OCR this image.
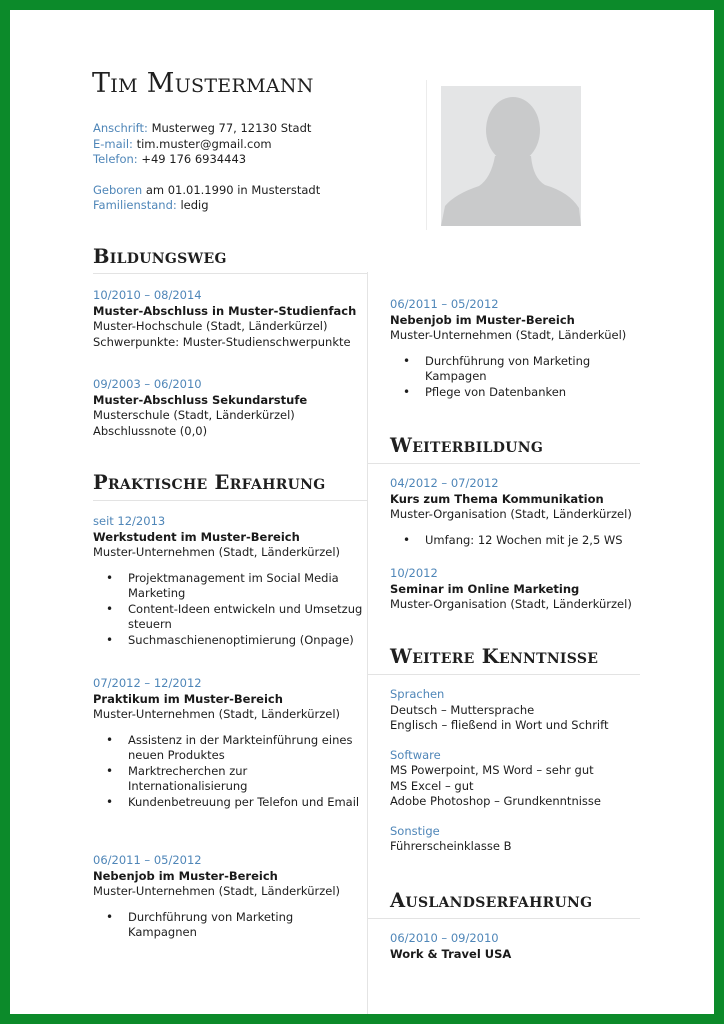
Tim Mustermann
Anschrift: Musterweg 77, 12130 Stadt
E-mail: tim.muster@gmail.com
Telefon: +49 176 6934443
Geboren am 01.01.1990 in Musterstadt
Familienstand: ledig
Bildungsweg
10/2010 – 08/2014
Muster-Abschluss in Muster-Studienfach
Muster-Hochschule (Stadt, Länderkürzel)
Schwerpunkte: Muster-Studienschwerpunkte
09/2003 – 06/2010
Muster-Abschluss Sekundarstufe
Musterschule (Stadt, Länderkürzel)
Abschlussnote (0,0)
Praktische Erfahrung
seit 12/2013
Werkstudent im Muster-Bereich
Muster-Unternehmen (Stadt, Länderkürzel)
• Projektmanagement im Social Media Marketing
• Content-Ideen entwickeln und Umsetzug steuern
• Suchmaschienenoptimierung (Onpage)
07/2012 – 12/2012
Praktikum im Muster-Bereich
Muster-Unternehmen (Stadt, Länderkürzel)
• Assistenz in der Markteinführung eines neuen Produktes
• Marktrecherchen zur Internationalisierung
• Kundenbetreuung per Telefon und Email
06/2011 – 05/2012
Nebenjob im Muster-Bereich
Muster-Unternehmen (Stadt, Länderkürzel)
• Durchführung von Marketing Kampagnen
06/2011 – 05/2012
Nebenjob im Muster-Bereich
Muster-Unternehmen (Stadt, Länderküel)
• Durchführung von Marketing Kampagen
• Pflege von Datenbanken
Weiterbildung
04/2012 – 07/2012
Kurs zum Thema Kommunikation
Muster-Organisation (Stadt, Länderkürzel)
• Umfang: 12 Wochen mit je 2,5 WS
10/2012
Seminar im Online Marketing
Muster-Organisation (Stadt, Länderkürzel)
Weitere Kenntnisse
Sprachen
Deutsch – Muttersprache
Englisch – fließend in Wort und Schrift
Software
MS Powerpoint, MS Word – sehr gut
MS Excel – gut
Adobe Photoshop – Grundkenntnisse
Sonstige
Führerscheinklasse B
Auslandserfahrung
06/2010 – 09/2010
Work & Travel USA
